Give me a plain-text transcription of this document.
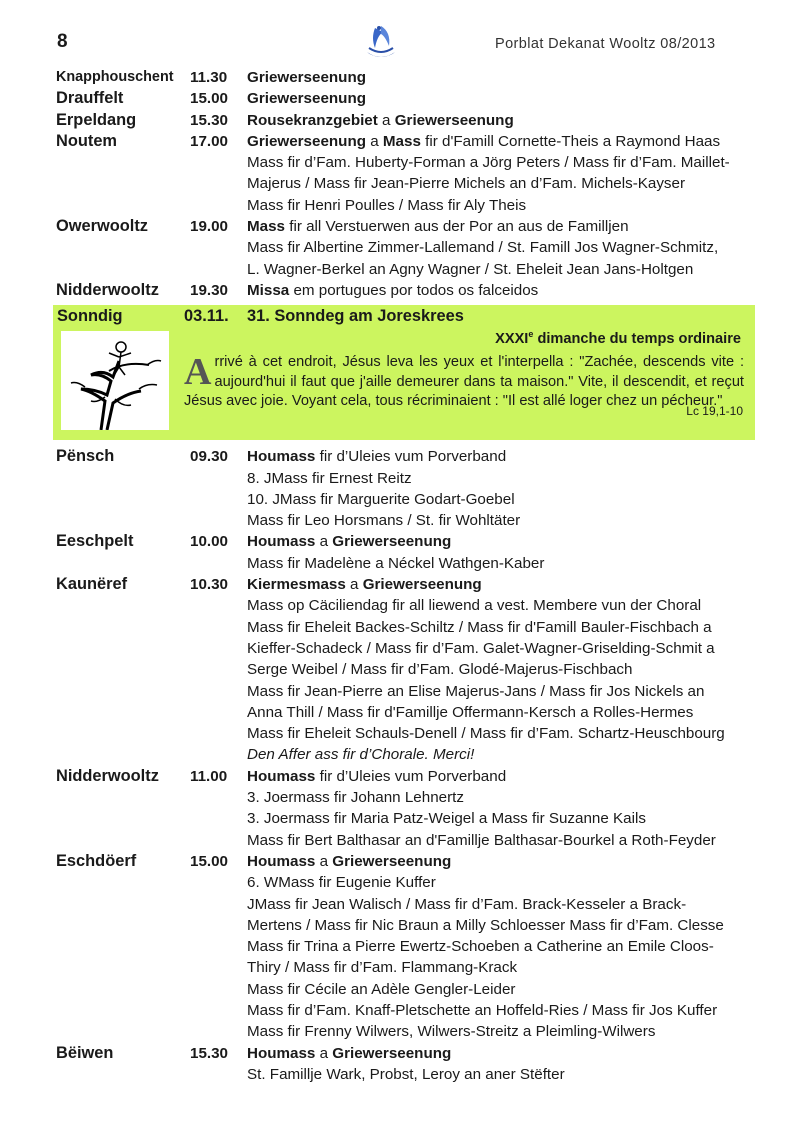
8	Porblat Dekanat Wooltz 08/2013
Knapphouschent 11.30 Griewerseenung
Drauffelt	15.00 Griewerseenung
Erpeldang	15.30 Rousekranzgebiet a Griewerseenung
Noutem	17.00 Griewerseenung a Mass fir d'Famill Cornette-Theis a Raymond Haas
Mass fir d’Fam. Huberty-Forman a Jörg Peters / Mass fir d’Fam. Maillet-
Majerus / Mass fir Jean-Pierre Michels an d’Fam. Michels-Kayser
Mass fir Henri Poulles / Mass fir Aly Theis
Owerwooltz	19.00 Mass fir all Verstuerwen aus der Por an aus de Familljen
Mass fir Albertine Zimmer-Lallemand / St. Famill Jos Wagner-Schmitz,
L. Wagner-Berkel an Agny Wagner / St. Eheleit Jean Jans-Holtgen
Nidderwooltz 19.30 Missa em portugues por todos os falceidos
Sonndig	03.11. 31. Sonndeg am Joreskrees
XXXIe dimanche du temps ordinaire
Arrivé à cet endroit, Jésus leva les yeux et l'interpella : "Zachée, descends vite : aujourd'hui il faut que j'aille demeurer dans ta maison." Vite, il descendit, et reçut Jésus avec joie. Voyant cela, tous récriminaient : "Il est allé loger chez un pécheur."
Lc 19,1-10
Pënsch	09.30 Houmass fir d’Uleies vum Porverband
8. JMass fir Ernest Reitz
10. JMass fir Marguerite Godart-Goebel
Mass fir Leo Horsmans / St. fir Wohltäter
Eeschpelt	10.00 Houmass a Griewerseenung
Mass fir Madelène a Néckel Wathgen-Kaber
Kaunëref	10.30 Kiermesmass a Griewerseenung
Mass op Cäciliendag fir all liewend a vest. Membere vun der Choral
Mass fir Eheleit Backes-Schiltz / Mass fir d'Famill Bauler-Fischbach a
Kieffer-Schadeck / Mass fir d’Fam. Galet-Wagner-Griselding-Schmit a
Serge Weibel / Mass fir d’Fam. Glodé-Majerus-Fischbach
Mass fir Jean-Pierre an Elise Majerus-Jans / Mass fir Jos Nickels an
Anna Thill / Mass fir d'Famillje Offermann-Kersch a Rolles-Hermes
Mass fir Eheleit Schauls-Denell / Mass fir d’Fam. Schartz-Heuschbourg
Den Affer ass fir d’Chorale. Merci!
Nidderwooltz 11.00 Houmass fir d’Uleies vum Porverband
3. Joermass fir Johann Lehnertz
3. Joermass fir Maria Patz-Weigel a Mass fir Suzanne Kails
Mass fir Bert Balthasar an d'Famillje Balthasar-Bourkel a Roth-Feyder
Eschdöerf	15.00 Houmass a Griewerseenung
6. WMass fir Eugenie Kuffer
JMass fir Jean Walisch / Mass fir d’Fam. Brack-Kesseler a Brack-
Mertens / Mass fir Nic Braun a Milly Schloesser Mass fir d’Fam. Clesse
Mass fir Trina a Pierre Ewertz-Schoeben a Catherine an Emile Cloos-
Thiry / Mass fir d’Fam. Flammang-Krack
Mass fir Cécile an Adèle Gengler-Leider
Mass fir d’Fam. Knaff-Pletschette an Hoffeld-Ries / Mass fir Jos Kuffer
Mass fir Frenny Wilwers, Wilwers-Streitz a Pleimling-Wilwers
Bëiwen	15.30 Houmass a Griewerseenung
St. Famillje Wark, Probst, Leroy an aner Stëfter
